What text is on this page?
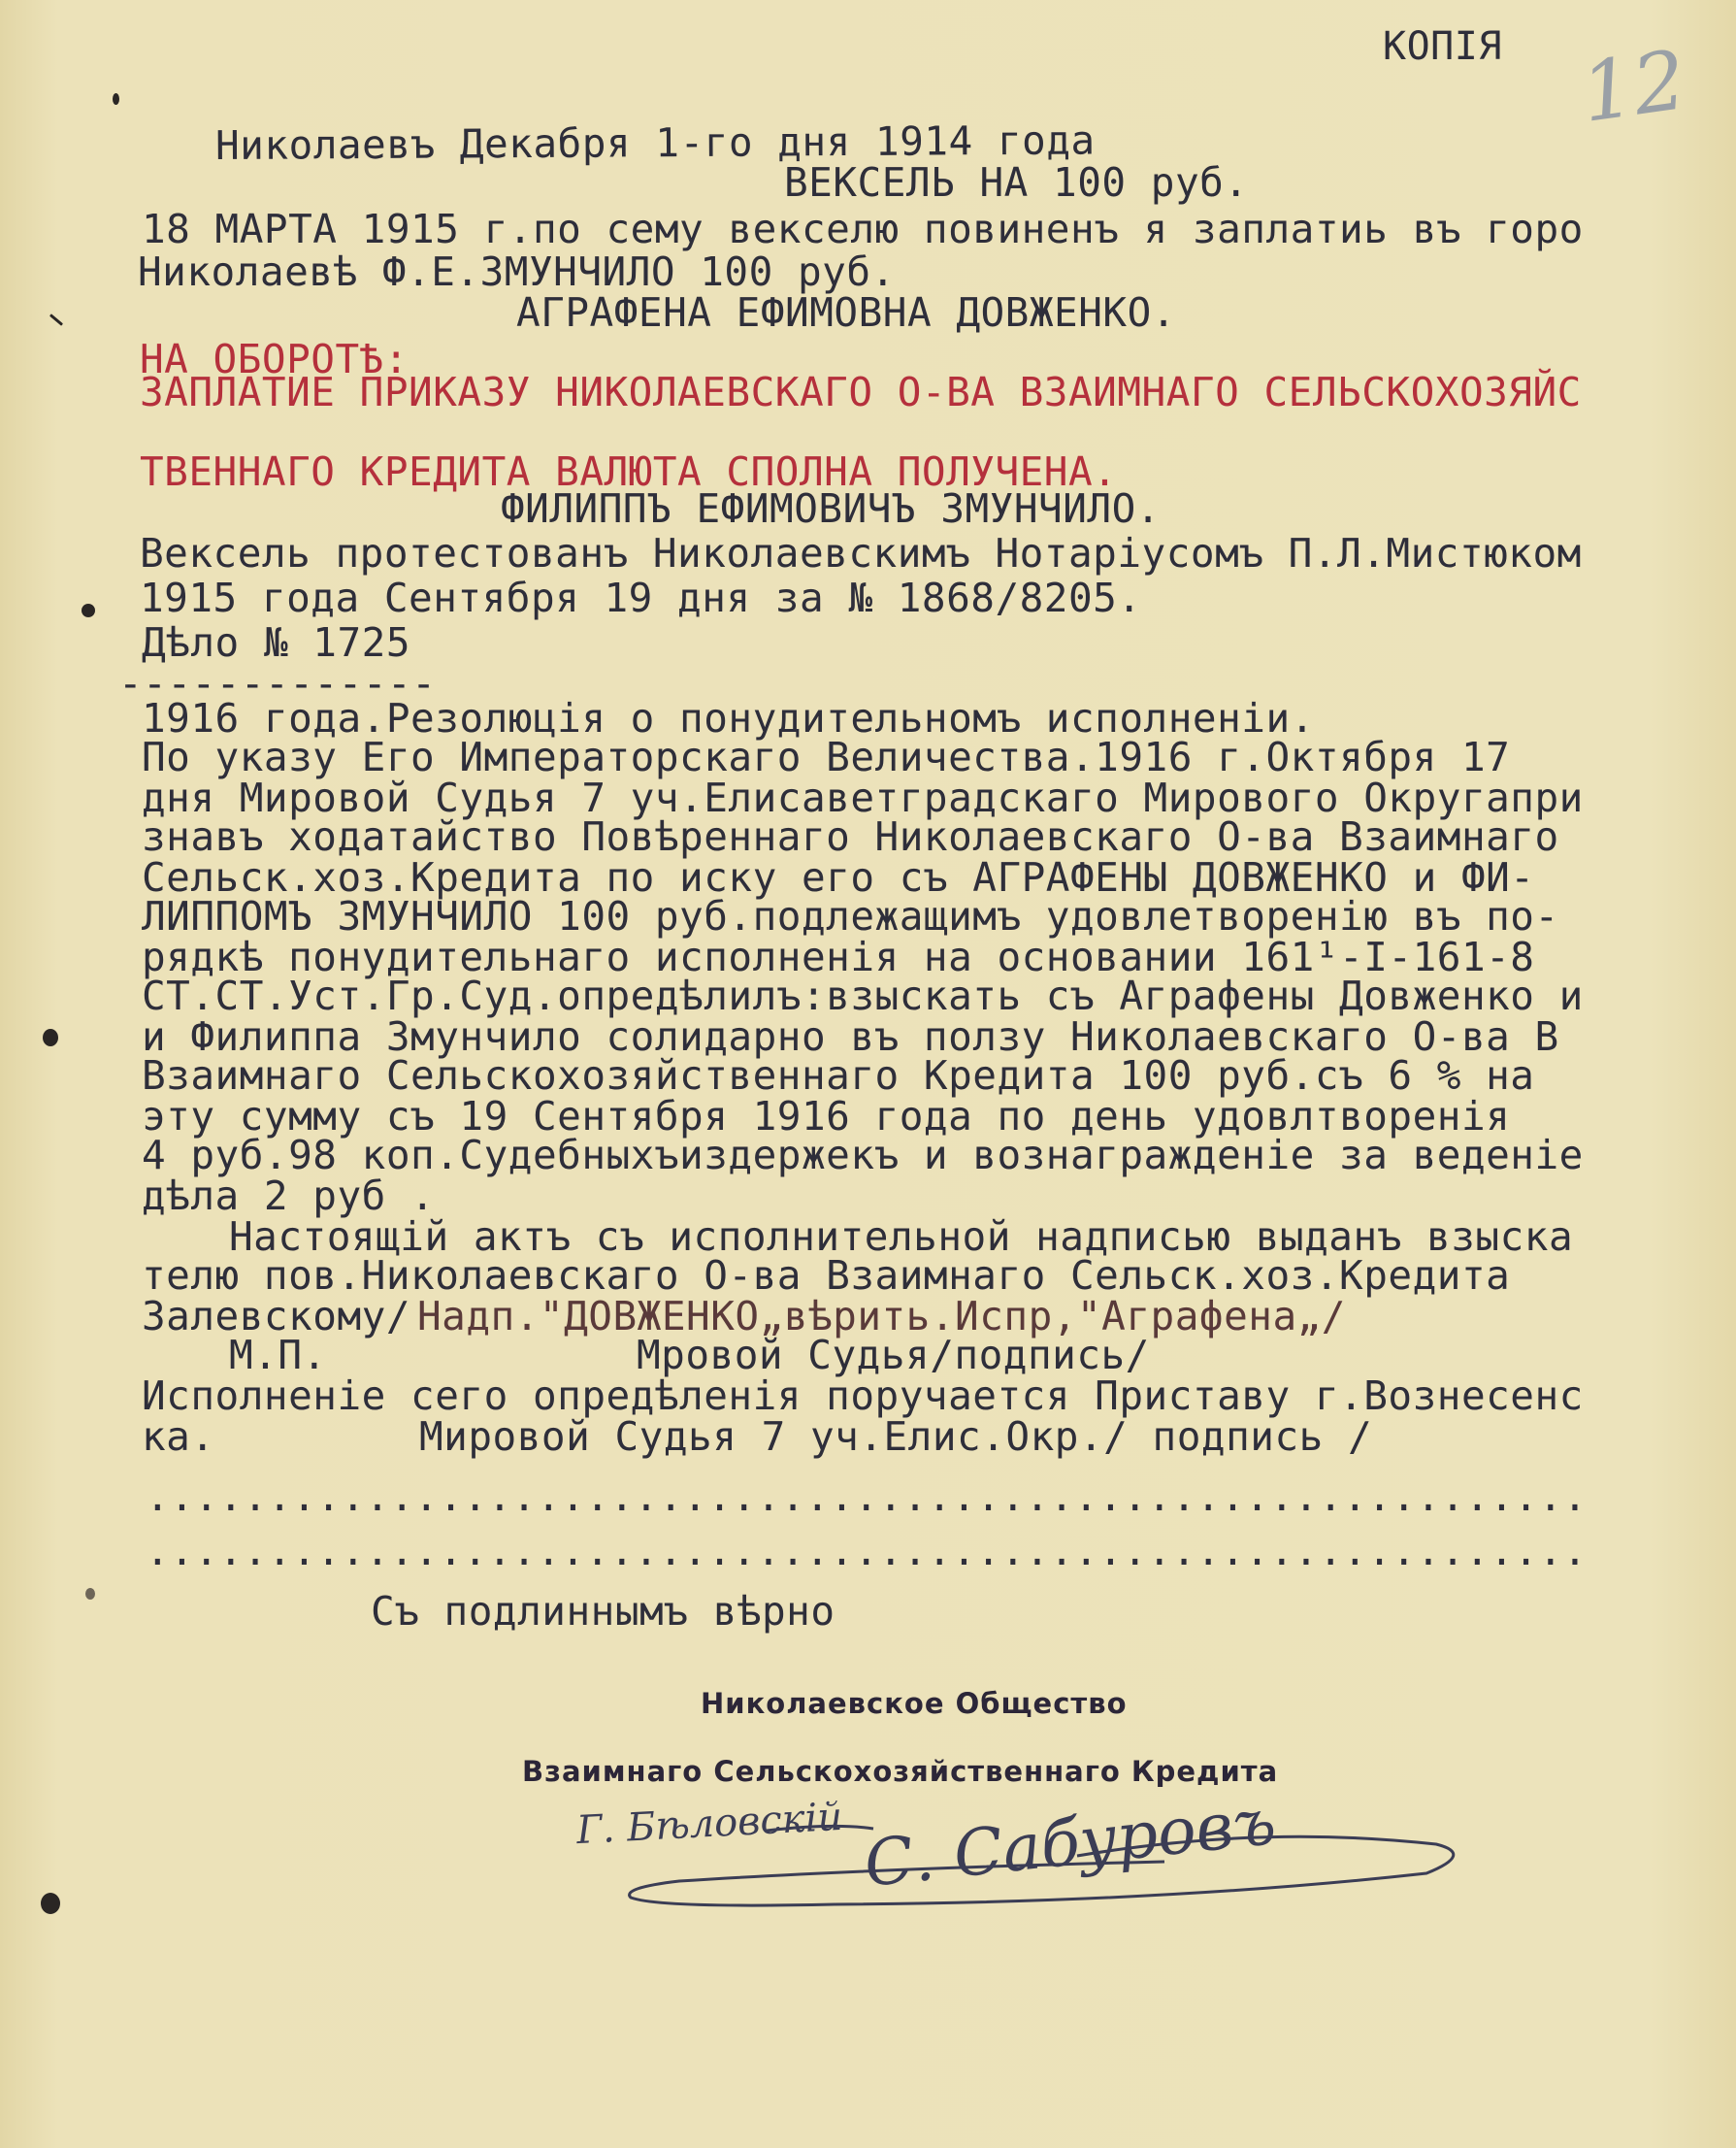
КОПІЯ 12

Николаевъ Декабря 1-го дня 1914 года

ВЕКСЕЛЬ НА 100 руб.

18 МАРТА 1915 г.по сему векселю повиненъ я заплатиь въ горо

Николаевѣ Ф.Е.ЗМУНЧИЛО 100 руб.

АГРАФЕНА ЕФИМОВНА ДОВЖЕНКО.

НА ОБОРОТѢ:

ЗАПЛАТИЕ ПРИКАЗУ НИКОЛАЕВСКАГО О-ВА ВЗАИМНАГО СЕЛЬСКОХОЗЯЙС

ТВЕННАГО КРЕДИТА ВАЛЮТА СПОЛНА ПОЛУЧЕНА.

ФИЛИППЪ ЕФИМОВИЧЪ ЗМУНЧИЛО.

Вексель протестованъ Николаевскимъ Нотаріусомъ П.Л.Мистюком

1915 года Сентября 19 дня за № 1868/8205.

Дѣло № 1725

-------------

1916 года.Резолюція о понудительномъ исполненіи.

По указу Его Императорскаго Величества.1916 г.Октября 17

дня Мировой Судья 7 уч.Елисаветградскаго Мирового Округапри

знавъ ходатайство Повѣреннаго Николаевскаго О-ва Взаимнаго

Сельск.хоз.Кредита по иску его съ АГРАФЕНЫ ДОВЖЕНКО и ФИ-

ЛИППОМЪ ЗМУНЧИЛО 100 руб.подлежащимъ удовлетворенію въ по-

рядкѣ понудительнаго исполненія на основании 161¹-I-161-8

СТ.СТ.Уст.Гр.Суд.опредѣлилъ:взыскать съ Аграфены Довженко и

и Филиппа Змунчило солидарно въ ползу Николаевскаго О-ва В

Взаимнаго Сельскохозяйственнаго Кредита 100 руб.съ 6 % на

эту сумму съ 19 Сентября 1916 года по день удовлтворенія

4 руб.98 коп.Судебныхъиздержекъ и вознагражденіе за веденіе

дѣла 2 руб .

Настоящій актъ съ исполнительной надписью выданъ взыска

телю пов.Николаевскаго О-ва Взаимнаго Сельск.хоз.Кредита

Залевскому/ Надп."ДОВЖЕНКО„вѣрить.Испр,"Аграфена„/

М.П.	Мровой Судья/подпись/

Исполненіе сего опредѣленія поручается Приставу г.Вознесенс

ка.	Мировой Судья 7 уч.Елис.Окр./ подпись /

...........................................................

...........................................................

Съ подлиннымъ вѣрно

Николаевское Общество
Взаимнаго Сельскохозяйственнаго Кредита
Г. Бѣловскій С. Сабуровъ
